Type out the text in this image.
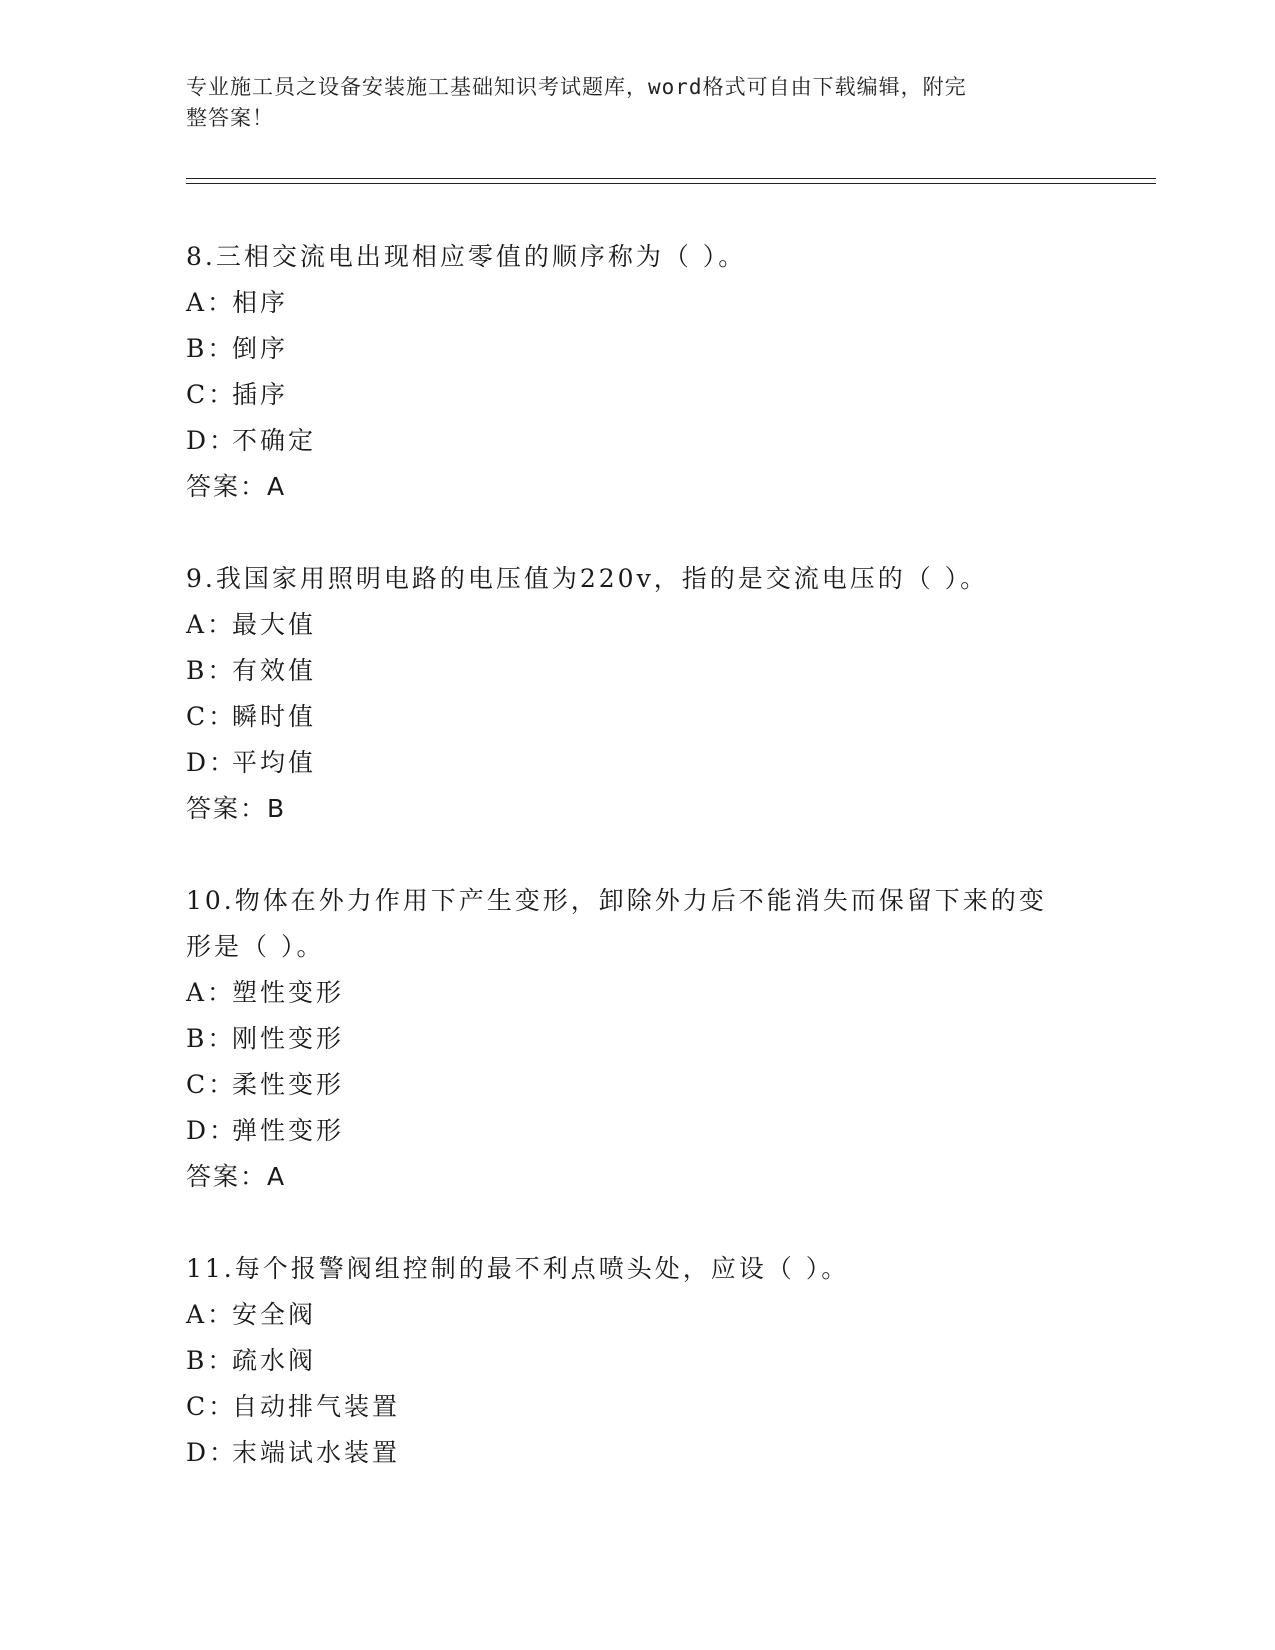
专业施工员之设备安装施工基础知识考试题库，word格式可自由下载编辑，附完
整答案！

8.三相交流电出现相应零值的顺序称为（ ）。

A：相序

B：倒序

C：插序

D：不确定

答案：A

9.我国家用照明电路的电压值为220v，指的是交流电压的（ ）。

A：最大值

B：有效值

C：瞬时值

D：平均值

答案：B

10.物体在外力作用下产生变形，卸除外力后不能消失而保留下来的变

形是（ ）。

A：塑性变形

B：刚性变形

C：柔性变形

D：弹性变形

答案：A

11.每个报警阀组控制的最不利点喷头处，应设（ ）。

A：安全阀

B：疏水阀

C：自动排气装置

D：末端试水装置
